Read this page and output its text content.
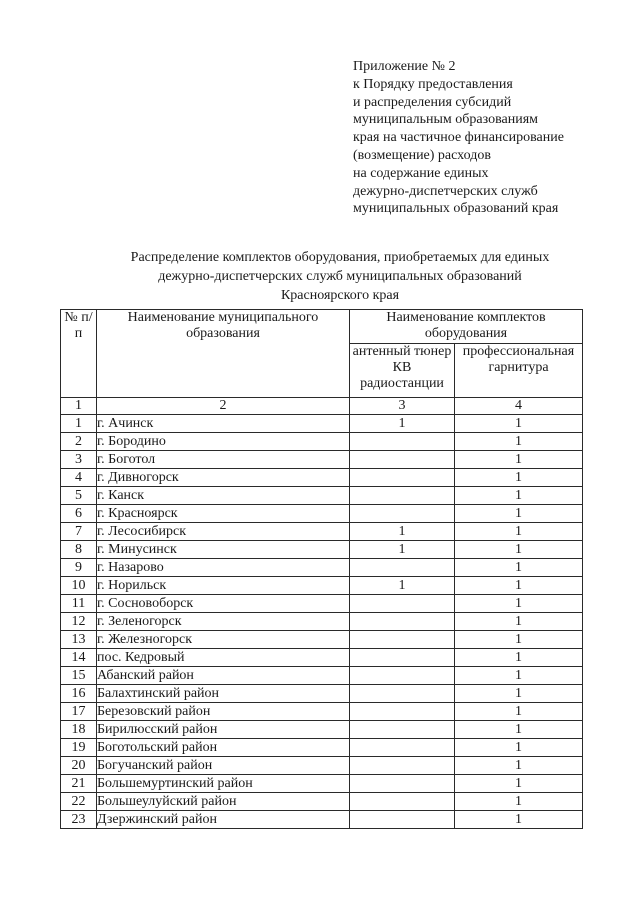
Приложение № 2
к Порядку предоставления
и распределения субсидий
муниципальным образованиям
края на частичное финансирование
(возмещение) расходов
на содержание единых
дежурно-диспетчерских служб
муниципальных образований края
Распределение комплектов оборудования, приобретаемых для единых
дежурно-диспетчерских служб муниципальных образований
Красноярского края
№ п/п	Наименование муниципального образования	Наименование комплектов оборудования	
		антенный тюнер КВ радиостанции	профессиональная гарнитура
1	2	3	4
1	г. Ачинск	1	1
2	г. Бородино		1
3	г. Боготол		1
4	г. Дивногорск		1
5	г. Канск		1
6	г. Красноярск		1
7	г. Лесосибирск	1	1
8	г. Минусинск	1	1
9	г. Назарово		1
10	г. Норильск	1	1
11	г. Сосновоборск		1
12	г. Зеленогорск		1
13	г. Железногорск		1
14	пос. Кедровый		1
15	Абанский район		1
16	Балахтинский район		1
17	Березовский район		1
18	Бирилюсский район		1
19	Боготольский район		1
20	Богучанский район		1
21	Большемуртинский район		1
22	Большеулуйский район		1
23	Дзержинский район		1
